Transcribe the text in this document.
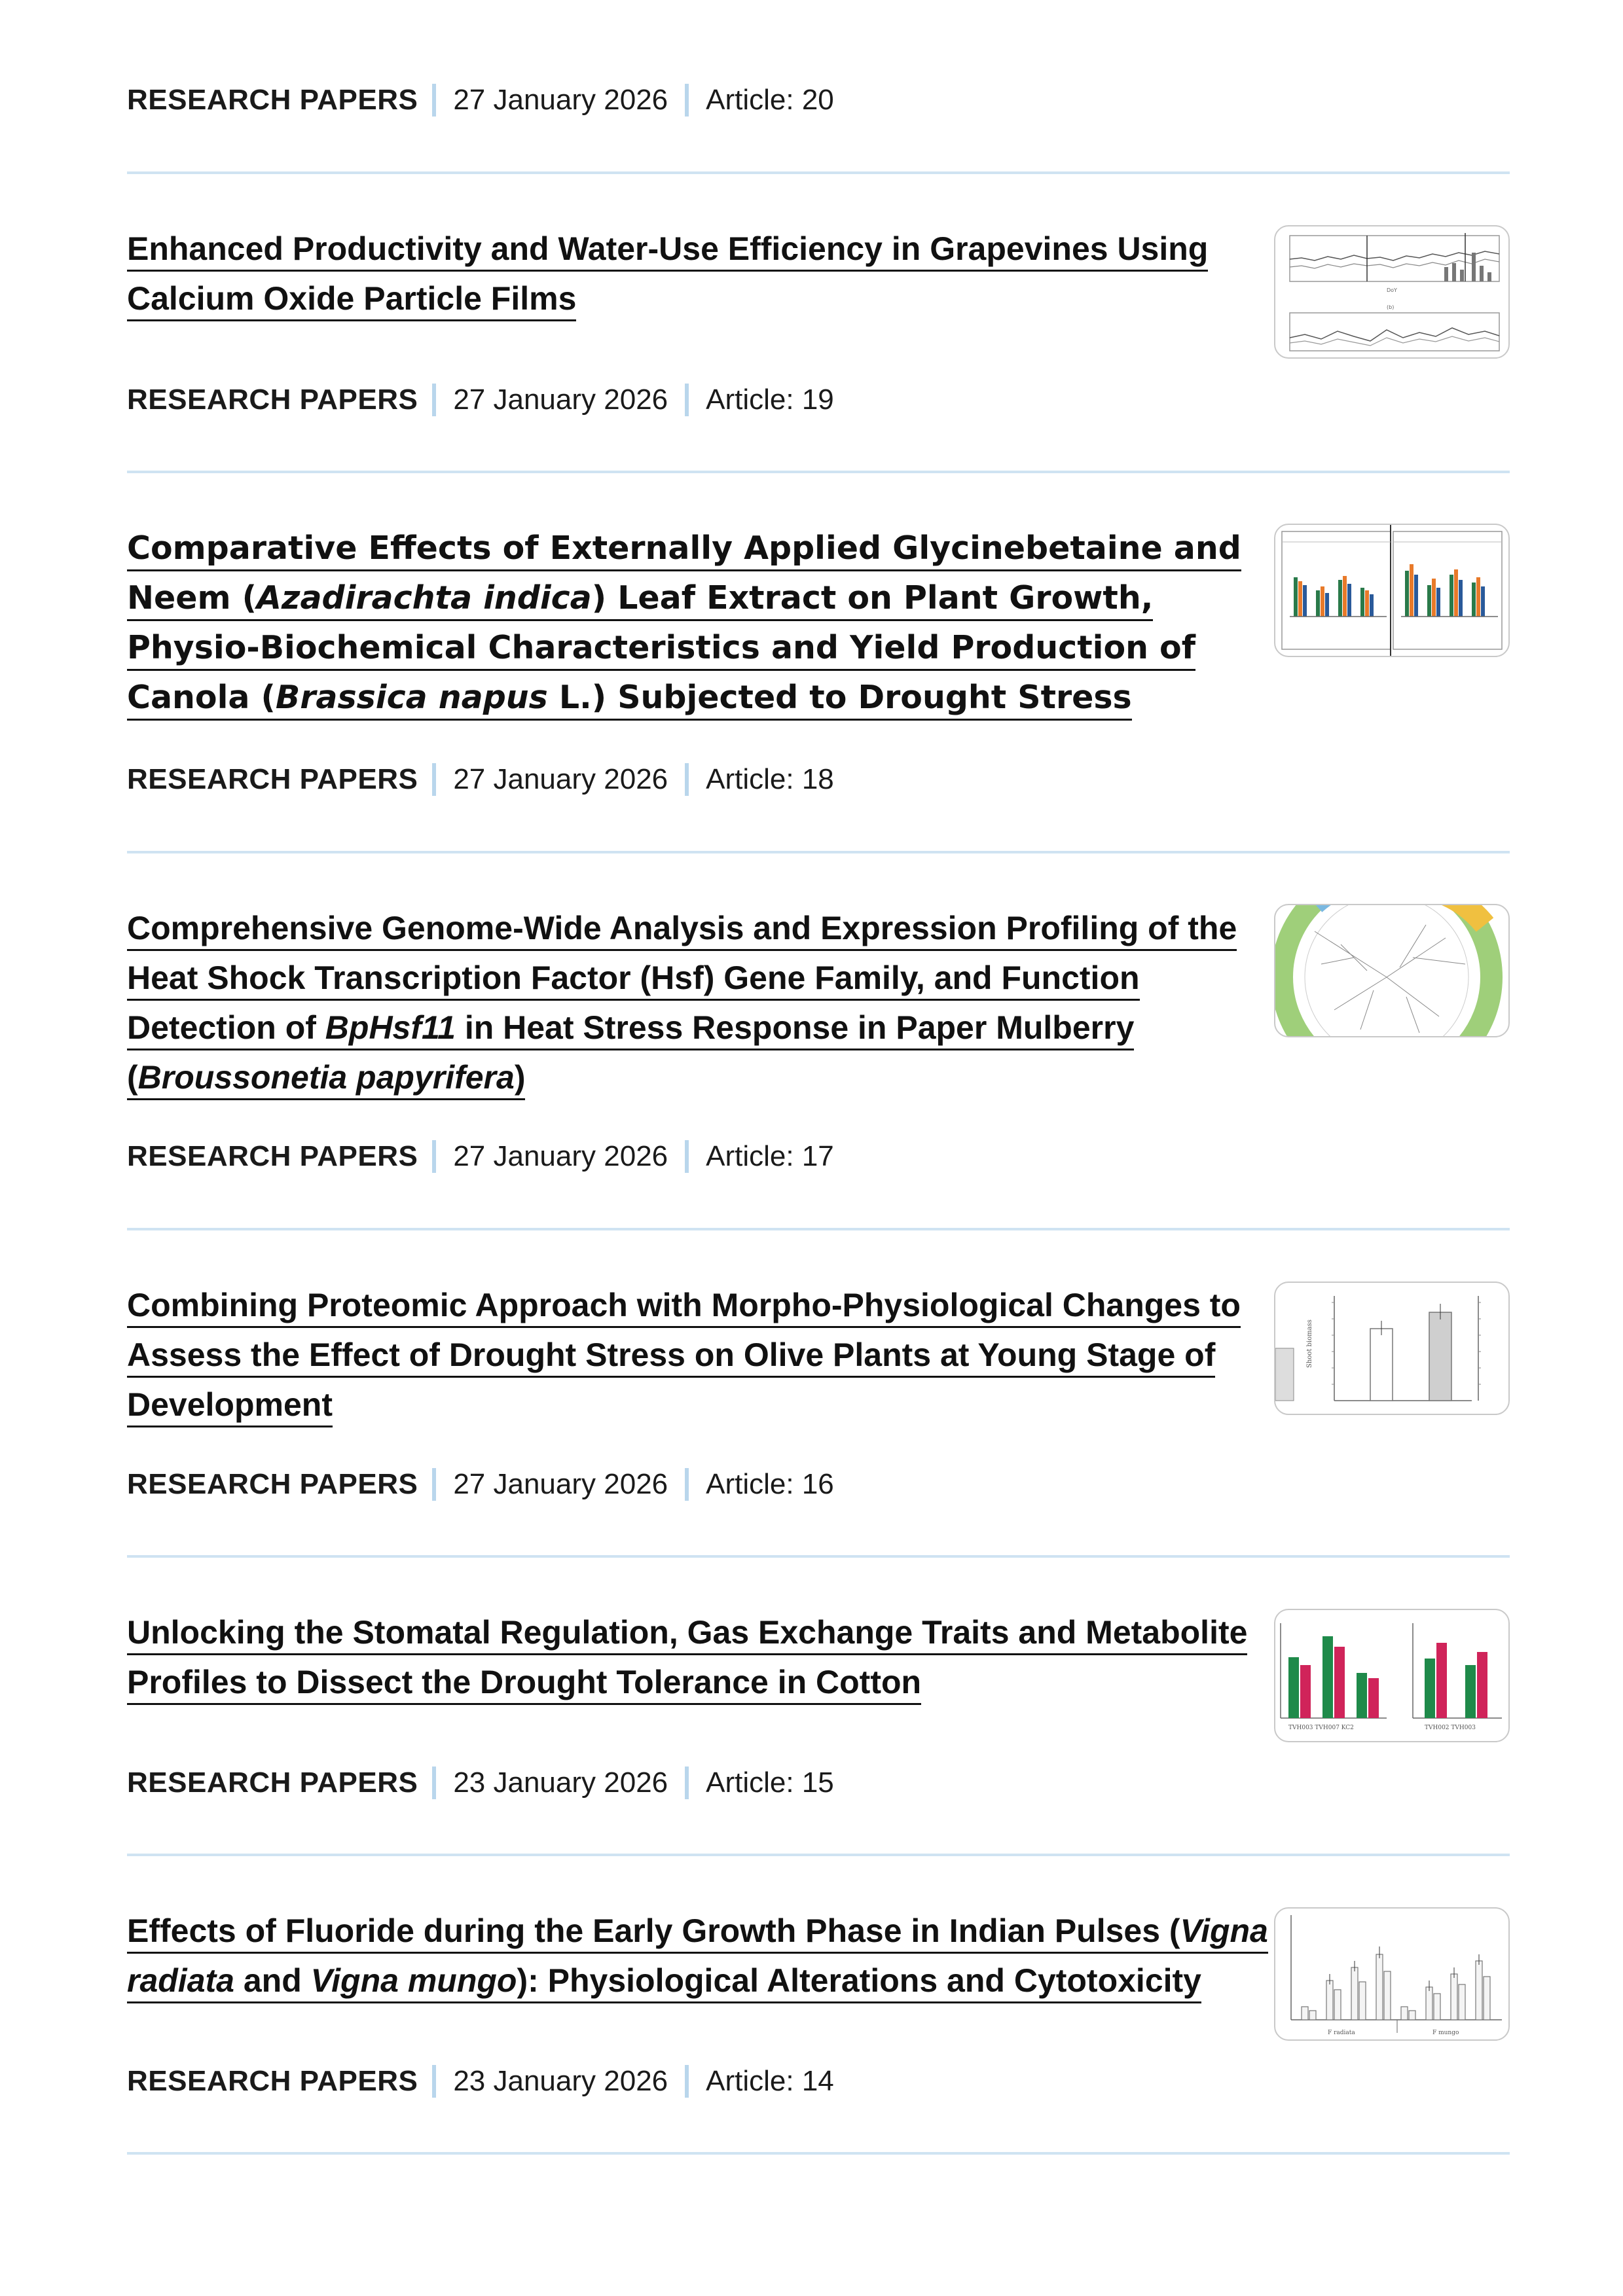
RESEARCH PAPERS 27 January 2026 Article: 20
Enhanced Productivity and Water-Use Efficiency in Grapevines Using
Calcium Oxide Particle Films	DoY
(b)
RESEARCH PAPERS 27 January 2026 Article: 19
Comparative Effects of Externally Applied Glycinebetaine and
Neem (Azadirachta indica) Leaf Extract on Plant Growth,
Physio-Biochemical Characteristics and Yield Production of
Canola (Brassica napus L.) Subjected to Drought Stress
RESEARCH PAPERS 27 January 2026 Article: 18
Comprehensive Genome-Wide Analysis and Expression Profiling of the
Heat Shock Transcription Factor (Hsf) Gene Family, and Function
Detection of BpHsf11 in Heat Stress Response in Paper Mulberry
(Broussonetia papyrifera)
RESEARCH PAPERS 27 January 2026 Article: 17
Combining Proteomic Approach with Morpho-Physiological Changes to
Assess the Effect of Drought Stress on Olive Plants at Young Stage of
Development
Shoot biomass
RESEARCH PAPERS 27 January 2026 Article: 16
Unlocking the Stomatal Regulation, Gas Exchange Traits and Metabolite
Profiles to Dissect the Drought Tolerance in Cotton
TVH003 TVH007 KC2	TVH002 TVH003
RESEARCH PAPERS 23 January 2026 Article: 15
Effects of Fluoride during the Early Growth Phase in Indian Pulses (Vigna
radiata and Vigna mungo): Physiological Alterations and Cytotoxicity
F radiata	F mungo
RESEARCH PAPERS 23 January 2026 Article: 14
